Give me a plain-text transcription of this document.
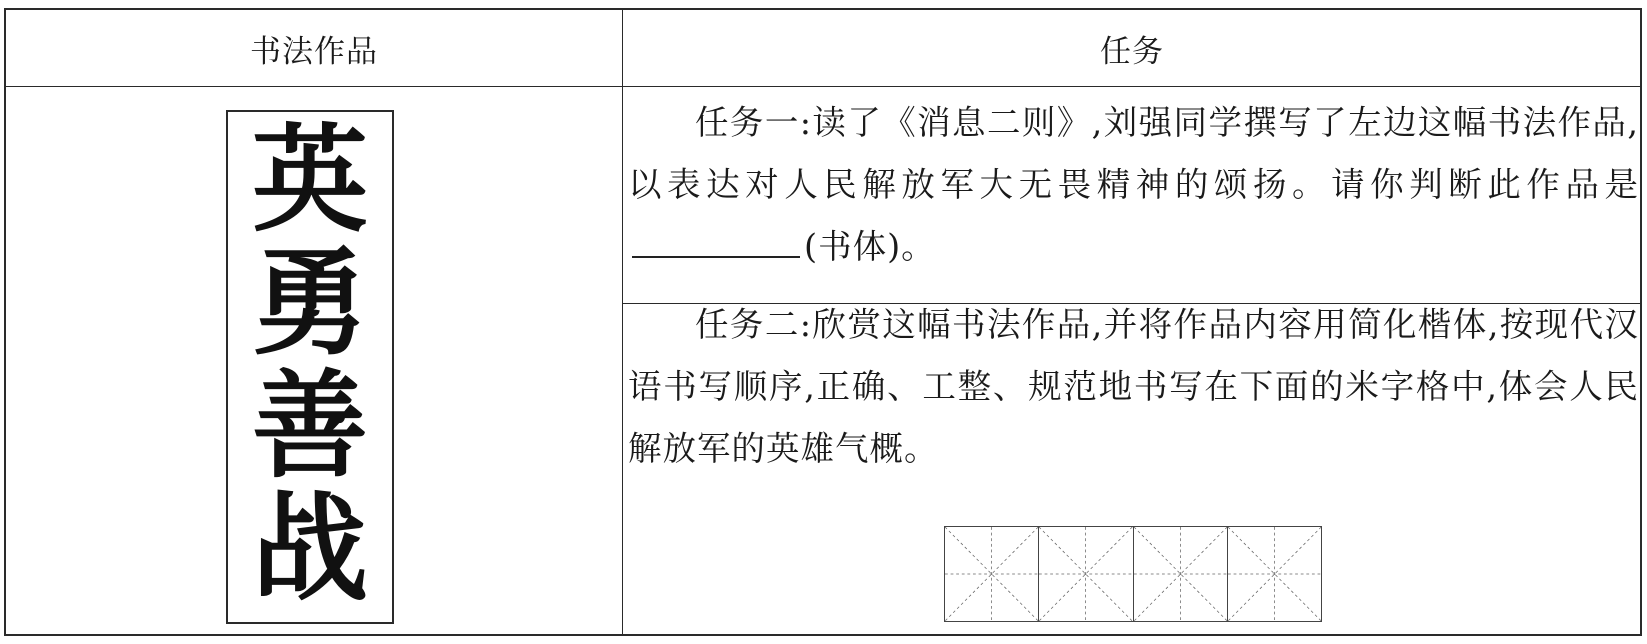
书法作品	任务
英
勇
善
战

任务一:读了《消息二则》,刘强同学撰写了左边这幅书法作品,以表达对人民解放军大无畏精神的颂扬。请你判断此作品是(书体)。

任务二:欣赏这幅书法作品,并将作品内容用简化楷体,按现代汉语书写顺序,正确、工整、规范地书写在下面的米字格中,体会人民解放军的英雄气概。
